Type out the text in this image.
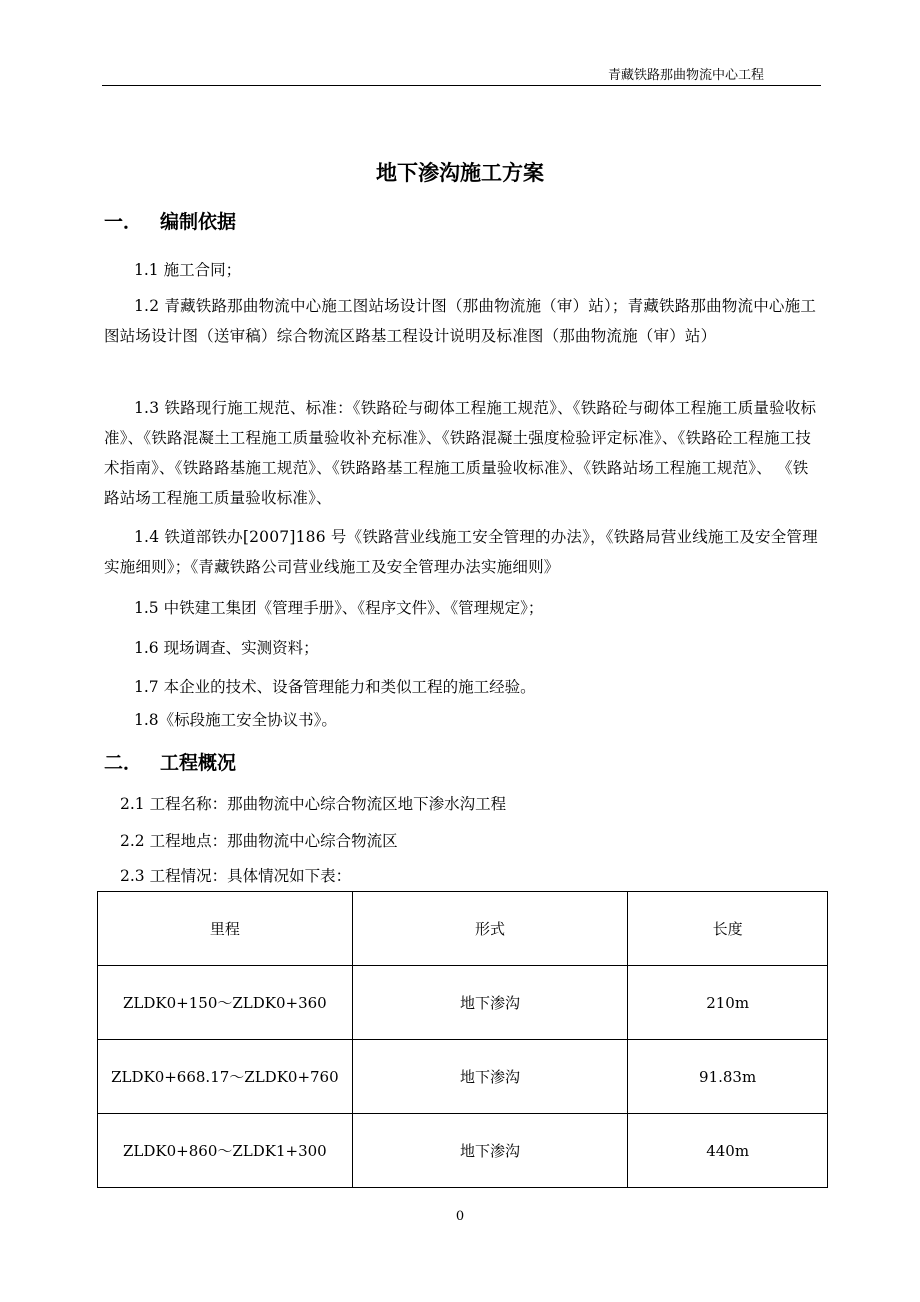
青藏铁路那曲物流中心工程
地下渗沟施工方案
一． 编制依据
1.1 施工合同；
1.2 青藏铁路那曲物流中心施工图站场设计图（那曲物流施（审）站）；青藏铁路那曲物流中心施工图站场设计图（送审稿）综合物流区路基工程设计说明及标准图（那曲物流施（审）站）
1.3 铁路现行施工规范、标准：《铁路砼与砌体工程施工规范》、《铁路砼与砌体工程施工质量验收标准》、《铁路混凝土工程施工质量验收补充标准》、《铁路混凝土强度检验评定标准》、《铁路砼工程施工技术指南》、《铁路路基施工规范》、《铁路路基工程施工质量验收标准》、《铁路站场工程施工规范》、 《铁路站场工程施工质量验收标准》、
1.4 铁道部铁办[2007]186 号《铁路营业线施工安全管理的办法》，《铁路局营业线施工及安全管理实施细则》；《青藏铁路公司营业线施工及安全管理办法实施细则》
1.5 中铁建工集团《管理手册》、《程序文件》、《管理规定》；
1.6 现场调查、实测资料；
1.7 本企业的技术、设备管理能力和类似工程的施工经验。
1.8《标段施工安全协议书》。
二． 工程概况
2.1 工程名称：那曲物流中心综合物流区地下渗水沟工程
2.2 工程地点：那曲物流中心综合物流区
2.3 工程情况：具体情况如下表：
里程	形式	长度
ZLDK0+150～ZLDK0+360	地下渗沟	210m
ZLDK0+668.17～ZLDK0+760	地下渗沟	91.83m
ZLDK0+860～ZLDK1+300	地下渗沟	440m
0
